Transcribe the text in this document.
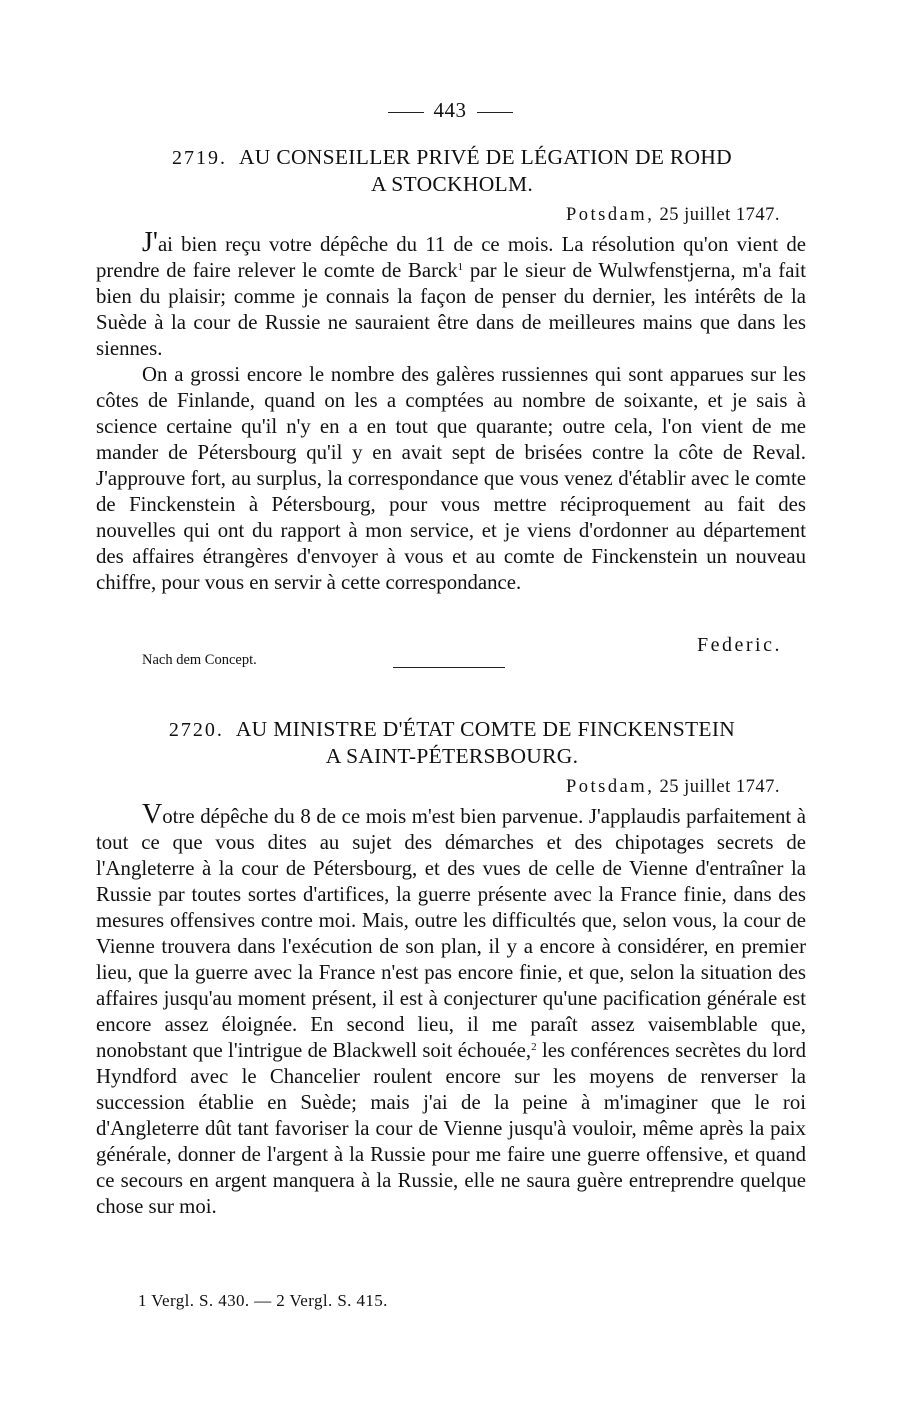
443
2719. AU CONSEILLER PRIVÉ DE LÉGATION DE ROHD
A STOCKHOLM.
Potsdam, 25 juillet 1747.

J'ai bien reçu votre dépêche du 11 de ce mois. La résolution qu'on vient de prendre de faire relever le comte de Barck$^1$ par le sieur de Wulwfenstjerna, m'a fait bien du plaisir; comme je connais la façon de penser du dernier, les intérêts de la Suède à la cour de Russie ne sauraient être dans de meilleures mains que dans les siennes.

On a grossi encore le nombre des galères russiennes qui sont apparues sur les côtes de Finlande, quand on les a comptées au nombre de soixante, et je sais à science certaine qu'il n'y en a en tout que quarante; outre cela, l'on vient de me mander de Pétersbourg qu'il y en avait sept de brisées contre la côte de Reval. J'approuve fort, au surplus, la correspondance que vous venez d'établir avec le comte de Finckenstein à Pétersbourg, pour vous mettre réciproquement au fait des nouvelles qui ont du rapport à mon service, et je viens d'ordonner au département des affaires étrangères d'envoyer à vous et au comte de Finckenstein un nouveau chiffre, pour vous en servir à cette correspondance.

Federic.
Nach dem Concept.
2720. AU MINISTRE D'ÉTAT COMTE DE FINCKENSTEIN
A SAINT-PÉTERSBOURG.
Potsdam, 25 juillet 1747.

Votre dépêche du 8 de ce mois m'est bien parvenue. J'applaudis parfaitement à tout ce que vous dites au sujet des démarches et des chipotages secrets de l'Angleterre à la cour de Pétersbourg, et des vues de celle de Vienne d'entraîner la Russie par toutes sortes d'artifices, la guerre présente avec la France finie, dans des mesures offensives contre moi. Mais, outre les difficultés que, selon vous, la cour de Vienne trouvera dans l'exécution de son plan, il y a encore à considérer, en premier lieu, que la guerre avec la France n'est pas encore finie, et que, selon la situation des affaires jusqu'au moment présent, il est à conjecturer qu'une pacification générale est encore assez éloignée. En second lieu, il me paraît assez vaisemblable que, nonobstant que l'intrigue de Blackwell soit échouée,$^2$ les conférences secrètes du lord Hyndford avec le Chancelier roulent encore sur les moyens de renverser la succession établie en Suède; mais j'ai de la peine à m'imaginer que le roi d'Angleterre dût tant favoriser la cour de Vienne jusqu'à vouloir, même après la paix générale, donner de l'argent à la Russie pour me faire une guerre offensive, et quand ce secours en argent manquera à la Russie, elle ne saura guère entreprendre quelque chose sur moi.

1 Vergl. S. 430. — 2 Vergl. S. 415.
